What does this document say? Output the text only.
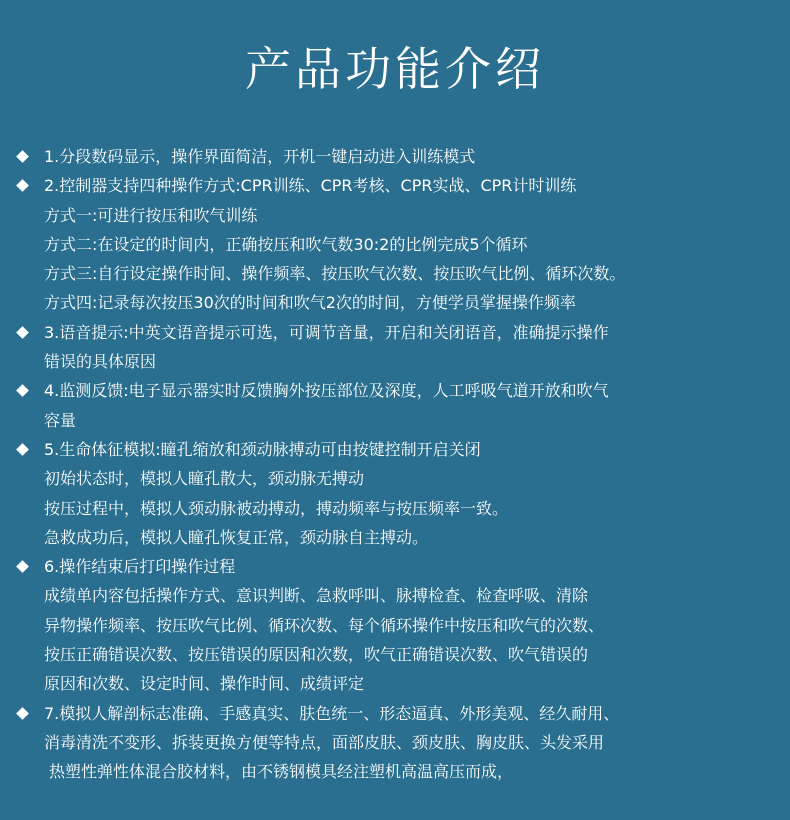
产品功能介绍
1.分段数码显示，操作界面简洁，开机一键启动进入训练模式
2.控制器支持四种操作方式:CPR训练、CPR考核、CPR实战、CPR计时训练
方式一:可进行按压和吹气训练
方式二:在设定的时间内，正确按压和吹气数30:2的比例完成5个循环
方式三:自行设定操作时间、操作频率、按压吹气次数、按压吹气比例、循环次数。
方式四:记录每次按压30次的时间和吹气2次的时间，方便学员掌握操作频率
3.语音提示:中英文语音提示可选，可调节音量，开启和关闭语音，准确提示操作
错误的具体原因
4.监测反馈:电子显示器实时反馈胸外按压部位及深度，人工呼吸气道开放和吹气
容量
5.生命体征模拟:瞳孔缩放和颈动脉搏动可由按键控制开启关闭
初始状态时，模拟人瞳孔散大，颈动脉无搏动
按压过程中，模拟人颈动脉被动搏动，搏动频率与按压频率一致。
急救成功后，模拟人瞳孔恢复正常，颈动脉自主搏动。
6.操作结束后打印操作过程
成绩单内容包括操作方式、意识判断、急救呼叫、脉搏检查、检查呼吸、清除
异物操作频率、按压吹气比例、循环次数、每个循环操作中按压和吹气的次数、
按压正确错误次数、按压错误的原因和次数，吹气正确错误次数、吹气错误的
原因和次数、设定时间、操作时间、成绩评定
7.模拟人解剖标志准确、手感真实、肤色统一、形态逼真、外形美观、经久耐用、
消毒清洗不变形、拆装更换方便等特点，面部皮肤、颈皮肤、胸皮肤、头发采用
热塑性弹性体混合胶材料，由不锈钢模具经注塑机高温高压而成，
